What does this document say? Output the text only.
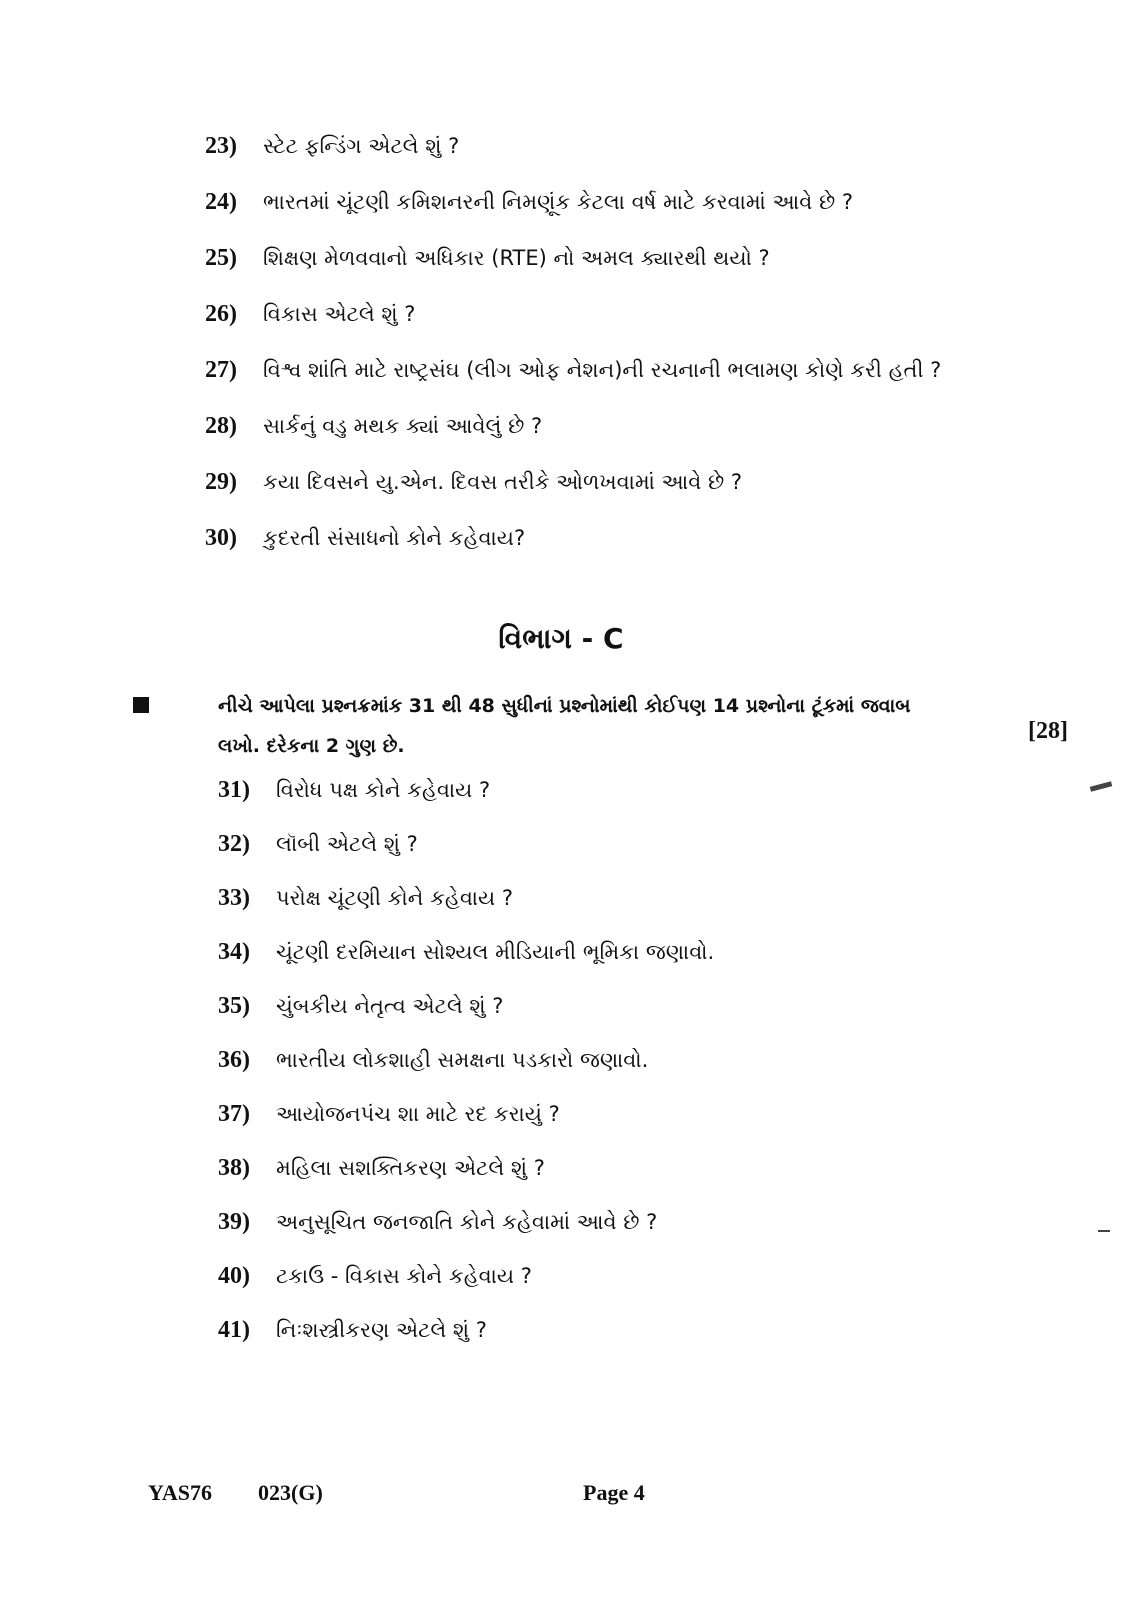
23)	સ્ટેટ ફન્ડિંગ એટલે શું ?
24)	ભારતમાં ચૂંટણી કમિશનરની નિમણૂંક કેટલા વર્ષ માટે કરવામાં આવે છે ?
25)	શિક્ષણ મેળવવાનો અધિકાર (RTE) નો અમલ ક્યારથી થયો ?
26)	વિકાસ એટલે શું ?
27)	વિશ્વ શાંતિ માટે રાષ્ટ્રસંઘ (લીગ ઓફ નેશન)ની રચનાની ભલામણ કોણે કરી હતી ?
28)	સાર્કનું વડુ મથક ક્યાં આવેલું છે ?
29)	કયા દિવસને યુ.એન. દિવસ તરીકે ઓળખવામાં આવે છે ?
30)	કુદરતી સંસાધનો કોને કહેવાય?
વિભાગ - C
નીચે આપેલા પ્રશ્નક્રમાંક 31 થી 48 સુધીનાં પ્રશ્નોમાંથી કોઈપણ 14 પ્રશ્નોના ટૂંકમાં જવાબ લખો. દરેકના 2 ગુણ છે.
[28]
31)	વિરોધ પક્ષ કોને કહેવાય ?
32)	લૉબી એટલે શું ?
33)	પરોક્ષ ચૂંટણી કોને કહેવાય ?
34)	ચૂંટણી દરમિયાન સોશ્યલ મીડિયાની ભૂમિકા જણાવો.
35)	ચુંબકીય નેતૃત્વ એટલે શું ?
36)	ભારતીય લોકશાહી સમક્ષના પડકારો જણાવો.
37)	આયોજનપંચ શા માટે રદ કરાયું ?
38)	મહિલા સશક્તિકરણ એટલે શું ?
39)	અનુસૂચિત જનજાતિ કોને કહેવામાં આવે છે ?
40)	ટકાઉ - વિકાસ કોને કહેવાય ?
41)	નિઃશસ્ત્રીકરણ એટલે શું ?
YAS76 023(G)	Page 4
